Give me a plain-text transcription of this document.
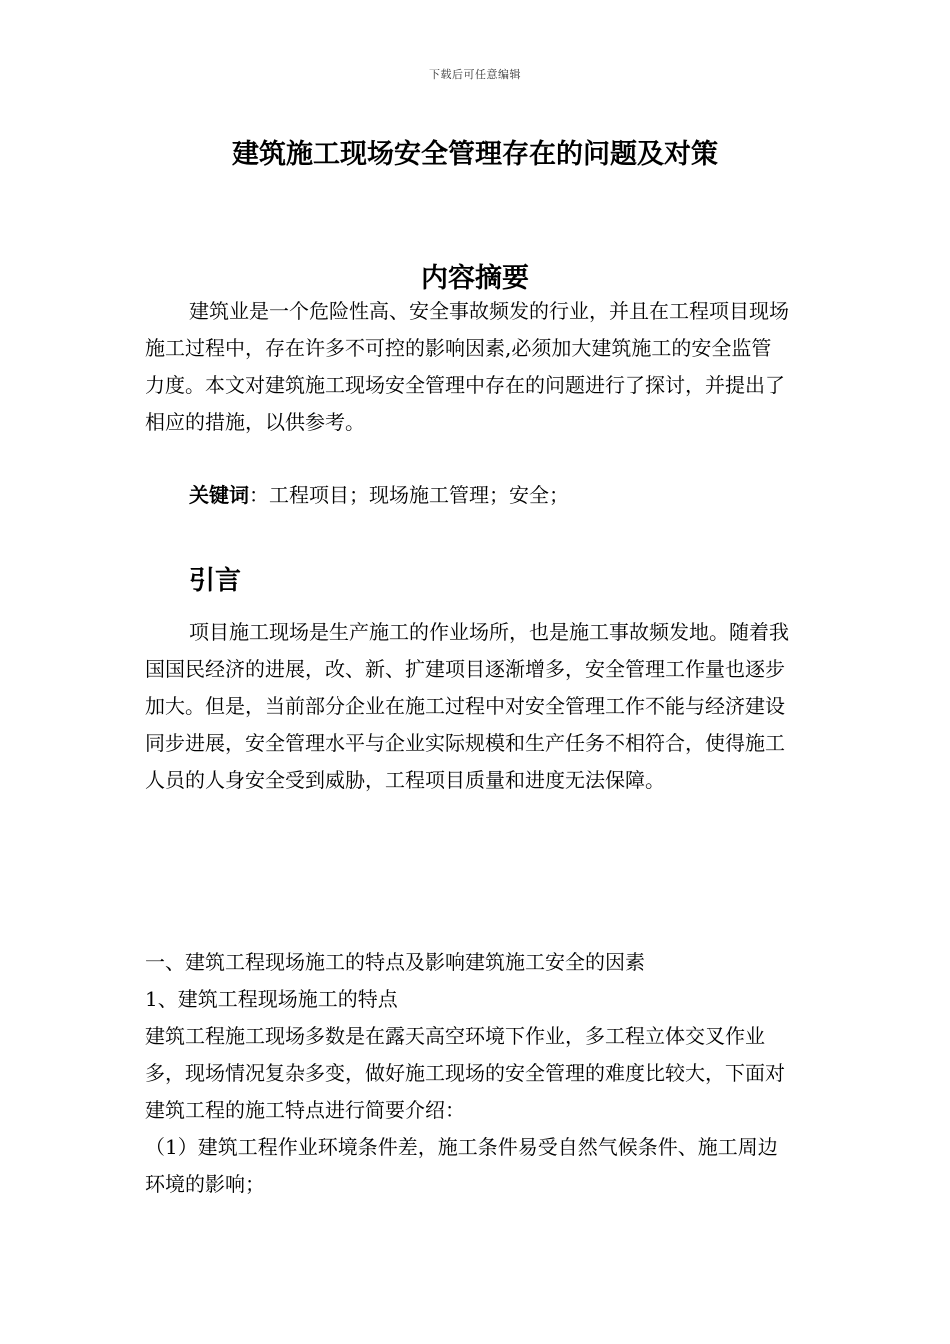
下载后可任意编辑
建筑施工现场安全管理存在的问题及对策
内容摘要

建筑业是一个危险性高、安全事故频发的行业，并且在工程项目现场施工过程中，存在许多不可控的影响因素,必须加大建筑施工的安全监管力度。本文对建筑施工现场安全管理中存在的问题进行了探讨，并提出了相应的措施，以供参考。

关键词：工程项目；现场施工管理；安全；
引言

项目施工现场是生产施工的作业场所，也是施工事故频发地。随着我国国民经济的进展，改、新、扩建项目逐渐增多，安全管理工作量也逐步加大。但是，当前部分企业在施工过程中对安全管理工作不能与经济建设同步进展，安全管理水平与企业实际规模和生产任务不相符合，使得施工人员的人身安全受到威胁，工程项目质量和进度无法保障。

一、建筑工程现场施工的特点及影响建筑施工安全的因素
1、建筑工程现场施工的特点

建筑工程施工现场多数是在露天高空环境下作业，多工程立体交叉作业多，现场情况复杂多变，做好施工现场的安全管理的难度比较大，下面对建筑工程的施工特点进行简要介绍：

（1）建筑工程作业环境条件差，施工条件易受自然气候条件、施工周边环境的影响；
